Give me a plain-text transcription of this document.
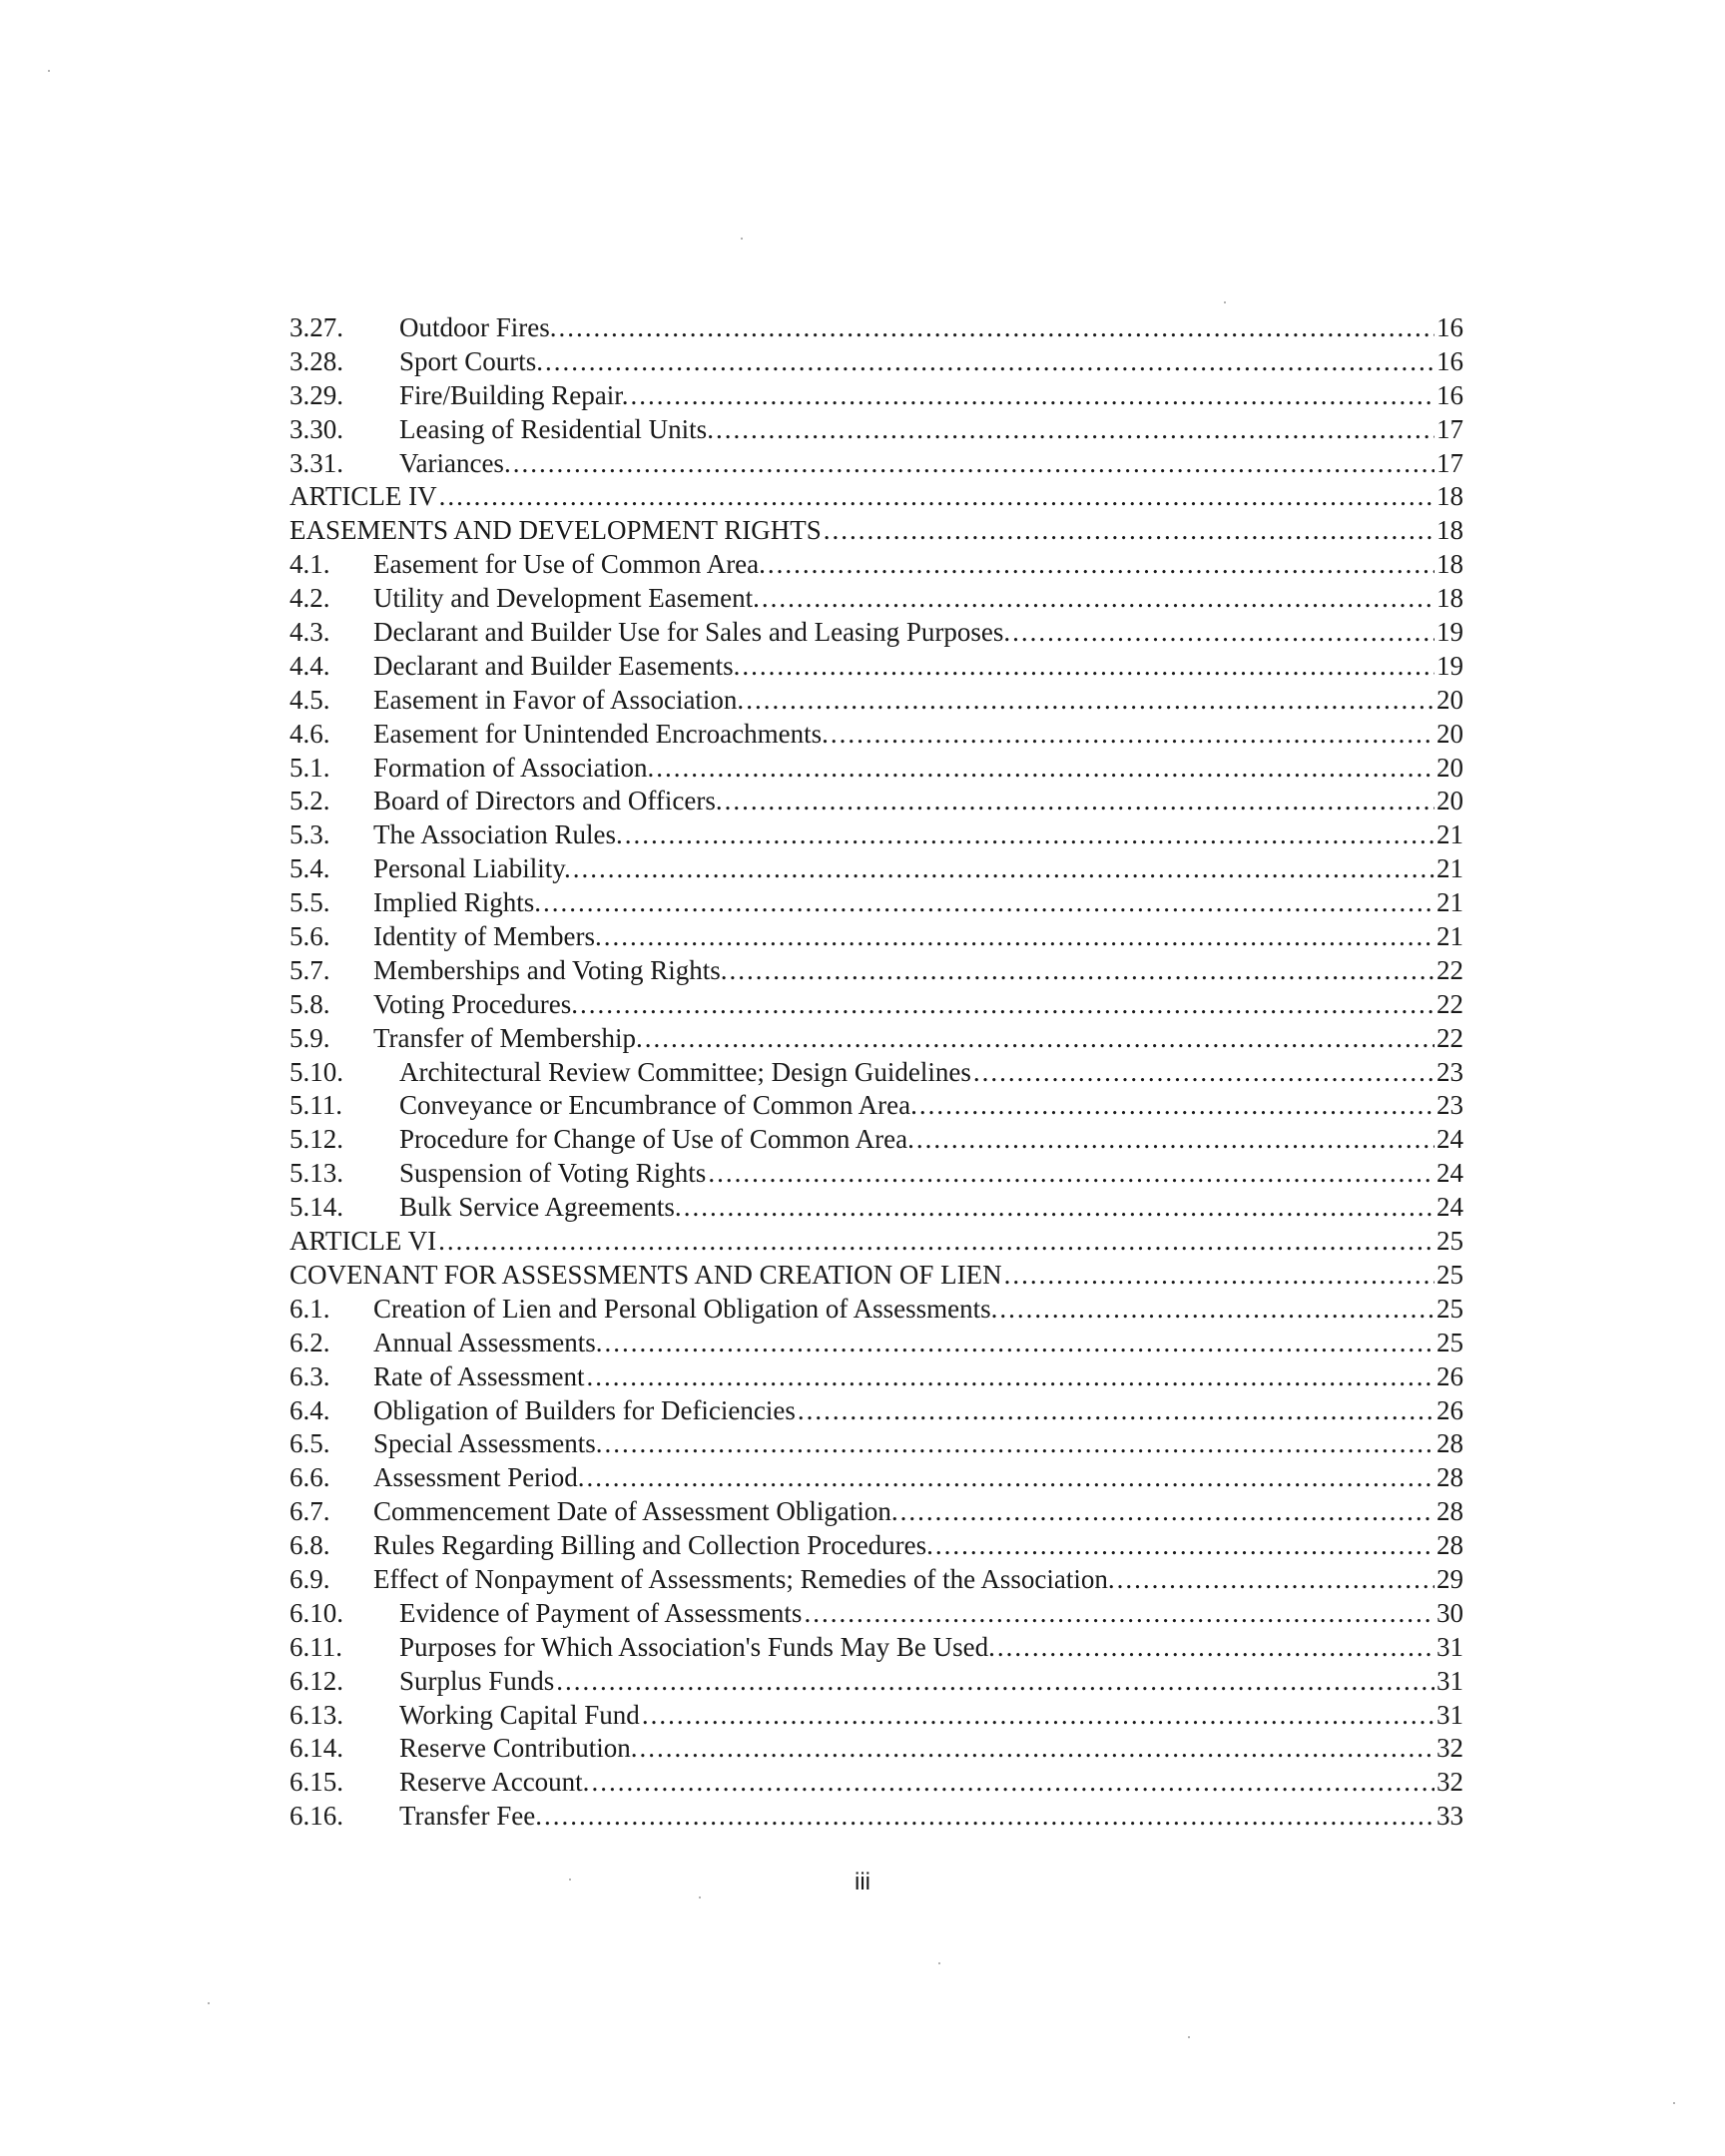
3.27. Outdoor Fires. .....	16
3.28. Sport Courts. .....	16
3.29. Fire/Building Repair. .....	16
3.30. Leasing of Residential Units. .....	17
3.31. Variances. .....	17
ARTICLE IV .....	18
EASEMENTS AND DEVELOPMENT RIGHTS .....	18
4.1. Easement for Use of Common Area. .....	18
4.2. Utility and Development Easement. .....	18
4.3. Declarant and Builder Use for Sales and Leasing Purposes. .....	19
4.4. Declarant and Builder Easements. .....	19
4.5. Easement in Favor of Association. .....	20
4.6. Easement for Unintended Encroachments. .....	20
5.1. Formation of Association. .....	20
5.2. Board of Directors and Officers. .....	20
5.3. The Association Rules. .....	21
5.4. Personal Liability. .....	21
5.5. Implied Rights. .....	21
5.6. Identity of Members. .....	21
5.7. Memberships and Voting Rights. .....	22
5.8. Voting Procedures. .....	22
5.9. Transfer of Membership. .....	22
5.10. Architectural Review Committee; Design Guidelines .....	23
5.11. Conveyance or Encumbrance of Common Area. .....	23
5.12. Procedure for Change of Use of Common Area. .....	24
5.13. Suspension of Voting Rights .....	24
5.14. Bulk Service Agreements. .....	24
ARTICLE VI .....	25
COVENANT FOR ASSESSMENTS AND CREATION OF LIEN .....	25
6.1. Creation of Lien and Personal Obligation of Assessments. .....	25
6.2. Annual Assessments. .....	25
6.3. Rate of Assessment .....	26
6.4. Obligation of Builders for Deficiencies .....	26
6.5. Special Assessments. .....	28
6.6. Assessment Period. .....	28
6.7. Commencement Date of Assessment Obligation. .....	28
6.8. Rules Regarding Billing and Collection Procedures. .....	28
6.9. Effect of Nonpayment of Assessments; Remedies of the Association. .....	29
6.10. Evidence of Payment of Assessments .....	30
6.11. Purposes for Which Association's Funds May Be Used. .....	31
6.12. Surplus Funds .....	31
6.13. Working Capital Fund .....	31
6.14. Reserve Contribution. .....	32
6.15. Reserve Account. .....	32
6.16. Transfer Fee. .....	33
iii
